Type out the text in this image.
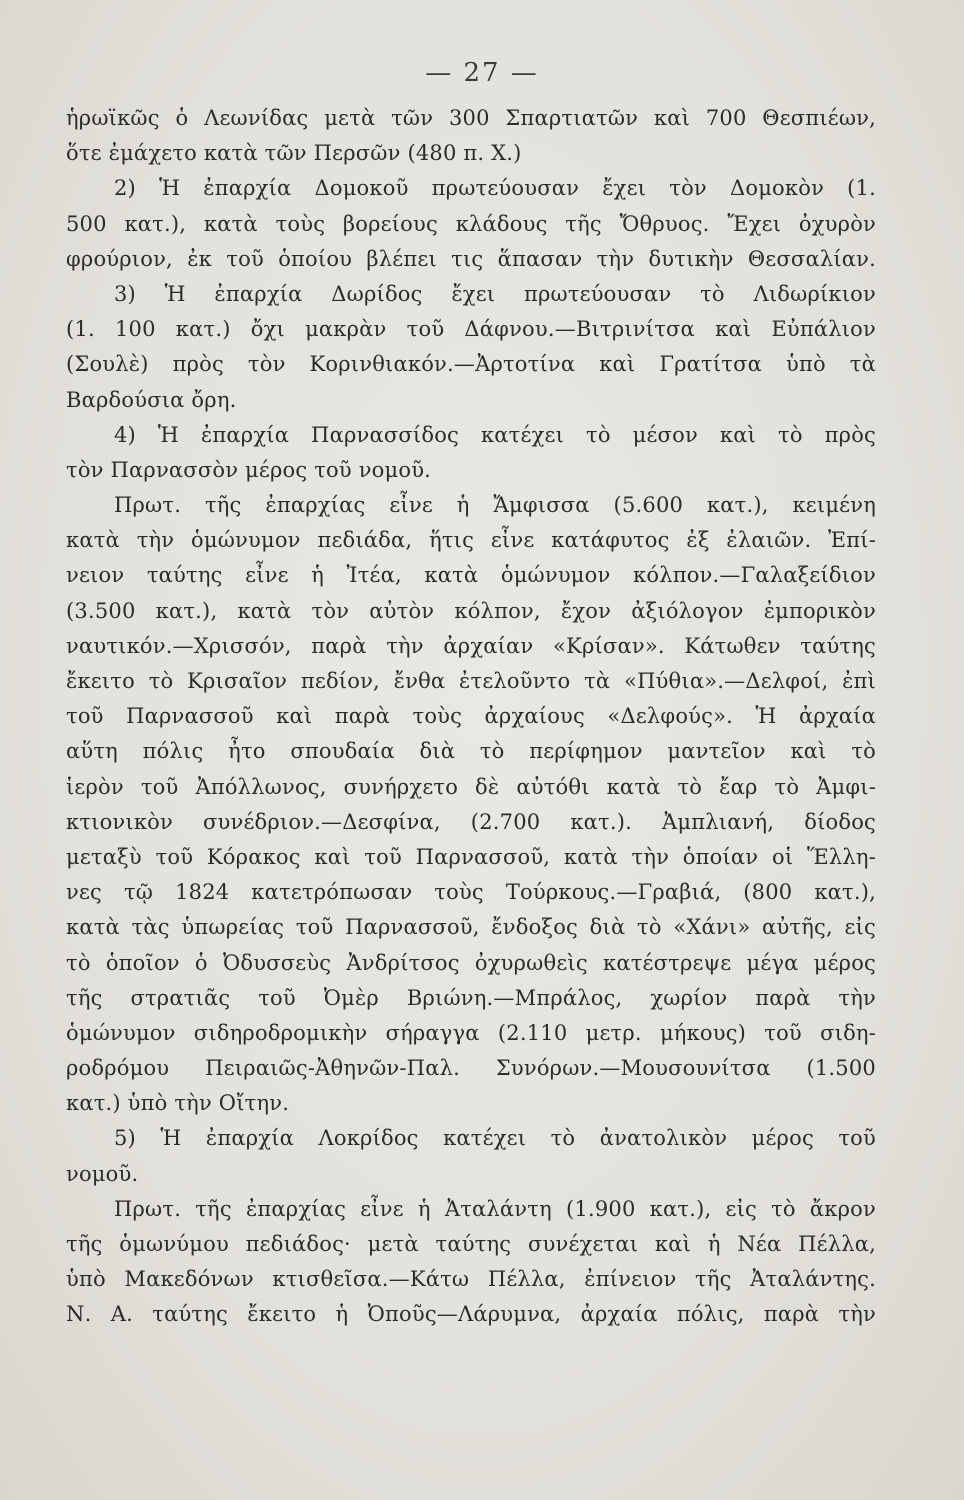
— 27 —
ἡρωϊκῶς ὁ Λεωνίδας μετὰ τῶν 300 Σπαρτιατῶν καὶ 700 Θεσπιέων,
ὅτε ἐμάχετο κατὰ τῶν Περσῶν (480 π. Χ.)
2) Ἡ ἐπαρχία Δομοκοῦ πρωτεύουσαν ἔχει τὸν Δομοκὸν (1.
500 κατ.), κατὰ τοὺς βορείους κλάδους τῆς Ὄθρυος. Ἔχει ὀχυρὸν
φρούριον, ἐκ τοῦ ὁποίου βλέπει τις ἅπασαν τὴν δυτικὴν Θεσσαλίαν.
3) Ἡ ἐπαρχία Δωρίδος ἔχει πρωτεύουσαν τὸ Λιδωρίκιον
(1. 100 κατ.) ὄχι μακρὰν τοῦ Δάφνου.—Βιτρινίτσα καὶ Εὐπάλιον
(Σουλὲ) πρὸς τὸν Κορινθιακόν.—Ἀρτοτίνα καὶ Γρατίτσα ὑπὸ τὰ
Βαρδούσια ὄρη.
4) Ἡ ἐπαρχία Παρνασσίδος κατέχει τὸ μέσον καὶ τὸ πρὸς
τὸν Παρνασσὸν μέρος τοῦ νομοῦ.
Πρωτ. τῆς ἐπαρχίας εἶνε ἡ Ἄμφισσα (5.600 κατ.), κειμένη
κατὰ τὴν ὁμώνυμον πεδιάδα, ἥτις εἶνε κατάφυτος ἐξ ἐλαιῶν. Ἐπί-
νειον ταύτης εἶνε ἡ Ἰτέα, κατὰ ὁμώνυμον κόλπον.—Γαλαξείδιον
(3.500 κατ.), κατὰ τὸν αὐτὸν κόλπον, ἔχον ἀξιόλογον ἐμπορικὸν
ναυτικόν.—Χρισσόν, παρὰ τὴν ἀρχαίαν «Κρίσαν». Κάτωθεν ταύτης
ἔκειτο τὸ Κρισαῖον πεδίον, ἔνθα ἐτελοῦντο τὰ «Πύθια».—Δελφοί, ἐπὶ
τοῦ Παρνασσοῦ καὶ παρὰ τοὺς ἀρχαίους «Δελφούς». Ἡ ἀρχαία
αὕτη πόλις ἦτο σπουδαία διὰ τὸ περίφημον μαντεῖον καὶ τὸ
ἱερὸν τοῦ Ἀπόλλωνος, συνήρχετο δὲ αὐτόθι κατὰ τὸ ἔαρ τὸ Ἀμφι-
κτιονικὸν συνέδριον.—Δεσφίνα, (2.700 κατ.). Ἀμπλιανή, δίοδος
μεταξὺ τοῦ Κόρακος καὶ τοῦ Παρνασσοῦ, κατὰ τὴν ὁποίαν οἱ Ἕλλη-
νες τῷ 1824 κατετρόπωσαν τοὺς Τούρκους.—Γραβιά, (800 κατ.),
κατὰ τὰς ὑπωρείας τοῦ Παρνασσοῦ, ἔνδοξος διὰ τὸ «Χάνι» αὐτῆς, εἰς
τὸ ὁποῖον ὁ Ὀδυσσεὺς Ἀνδρίτσος ὀχυρωθεὶς κατέστρεψε μέγα μέρος
τῆς στρατιᾶς τοῦ Ὀμὲρ Βριώνη.—Μπράλος, χωρίον παρὰ τὴν
ὁμώνυμον σιδηροδρομικὴν σήραγγα (2.110 μετρ. μήκους) τοῦ σιδη-
ροδρόμου Πειραιῶς-Ἀθηνῶν-Παλ. Συνόρων.—Μουσουνίτσα (1.500
κατ.) ὑπὸ τὴν Οἴτην.
5) Ἡ ἐπαρχία Λοκρίδος κατέχει τὸ ἀνατολικὸν μέρος τοῦ
νομοῦ.
Πρωτ. τῆς ἐπαρχίας εἶνε ἡ Ἀταλάντη (1.900 κατ.), εἰς τὸ ἄκρον
τῆς ὁμωνύμου πεδιάδος· μετὰ ταύτης συνέχεται καὶ ἡ Νέα Πέλλα,
ὑπὸ Μακεδόνων κτισθεῖσα.—Κάτω Πέλλα, ἐπίνειον τῆς Ἀταλάντης.
Ν. Α. ταύτης ἔκειτο ἡ Ὀποῦς—Λάρυμνα, ἀρχαία πόλις, παρὰ τὴν
